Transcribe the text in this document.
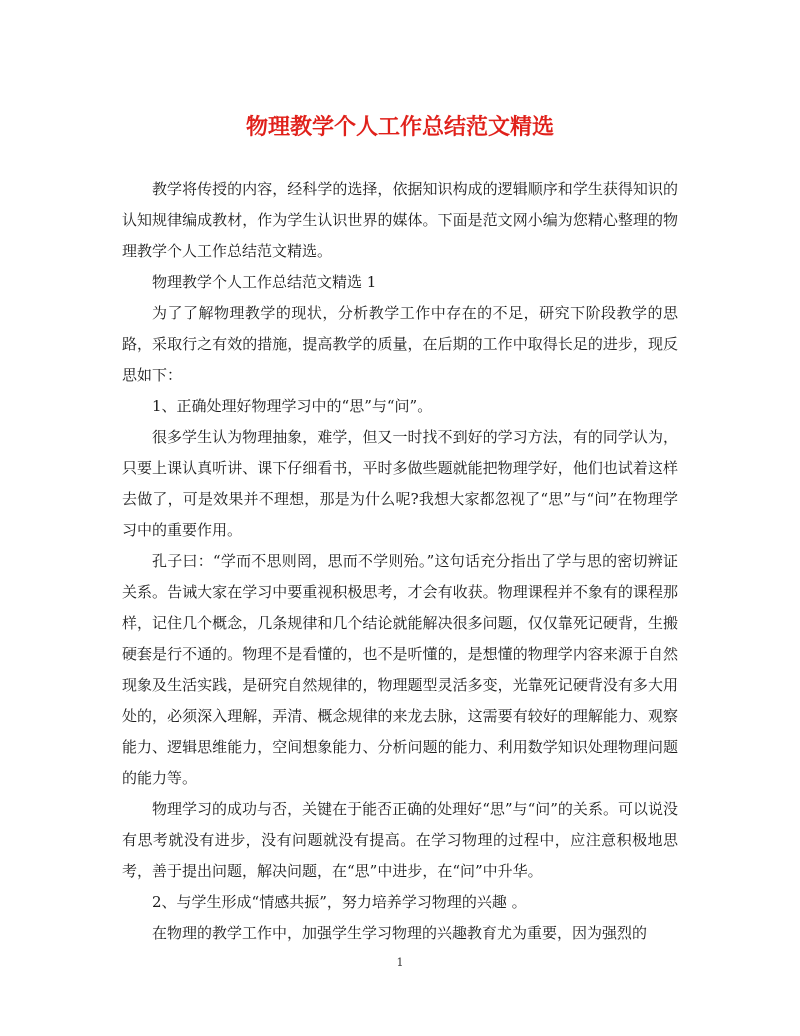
物理教学个人工作总结范文精选

教学将传授的内容，经科学的选择，依据知识构成的逻辑顺序和学生获得知识的认知规律编成教材，作为学生认识世界的媒体。下面是范文网小编为您精心整理的物理教学个人工作总结范文精选。

物理教学个人工作总结范文精选 1

为了了解物理教学的现状，分析教学工作中存在的不足，研究下阶段教学的思路，采取行之有效的措施，提高教学的质量，在后期的工作中取得长足的进步，现反思如下：

1、正确处理好物理学习中的“思”与“问”。

很多学生认为物理抽象，难学，但又一时找不到好的学习方法，有的同学认为，只要上课认真听讲、课下仔细看书，平时多做些题就能把物理学好，他们也试着这样去做了，可是效果并不理想，那是为什么呢?我想大家都忽视了“思”与“问”在物理学习中的重要作用。

孔子曰：“学而不思则罔，思而不学则殆。”这句话充分指出了学与思的密切辨证关系。告诫大家在学习中要重视积极思考，才会有收获。物理课程并不象有的课程那样，记住几个概念，几条规律和几个结论就能解决很多问题，仅仅靠死记硬背，生搬硬套是行不通的。物理不是看懂的，也不是听懂的，是想懂的物理学内容来源于自然现象及生活实践，是研究自然规律的，物理题型灵活多变，光靠死记硬背没有多大用处的，必须深入理解，弄清、概念规律的来龙去脉，这需要有较好的理解能力、观察能力、逻辑思维能力，空间想象能力、分析问题的能力、利用数学知识处理物理问题的能力等。

物理学习的成功与否，关键在于能否正确的处理好“思”与“问”的关系。可以说没有思考就没有进步，没有问题就没有提高。在学习物理的过程中，应注意积极地思考，善于提出问题，解决问题，在“思”中进步，在“问”中升华。

2、与学生形成“情感共振”，努力培养学习物理的兴趣 。

在物理的教学工作中，加强学生学习物理的兴趣教育尤为重要，因为强烈的

1
